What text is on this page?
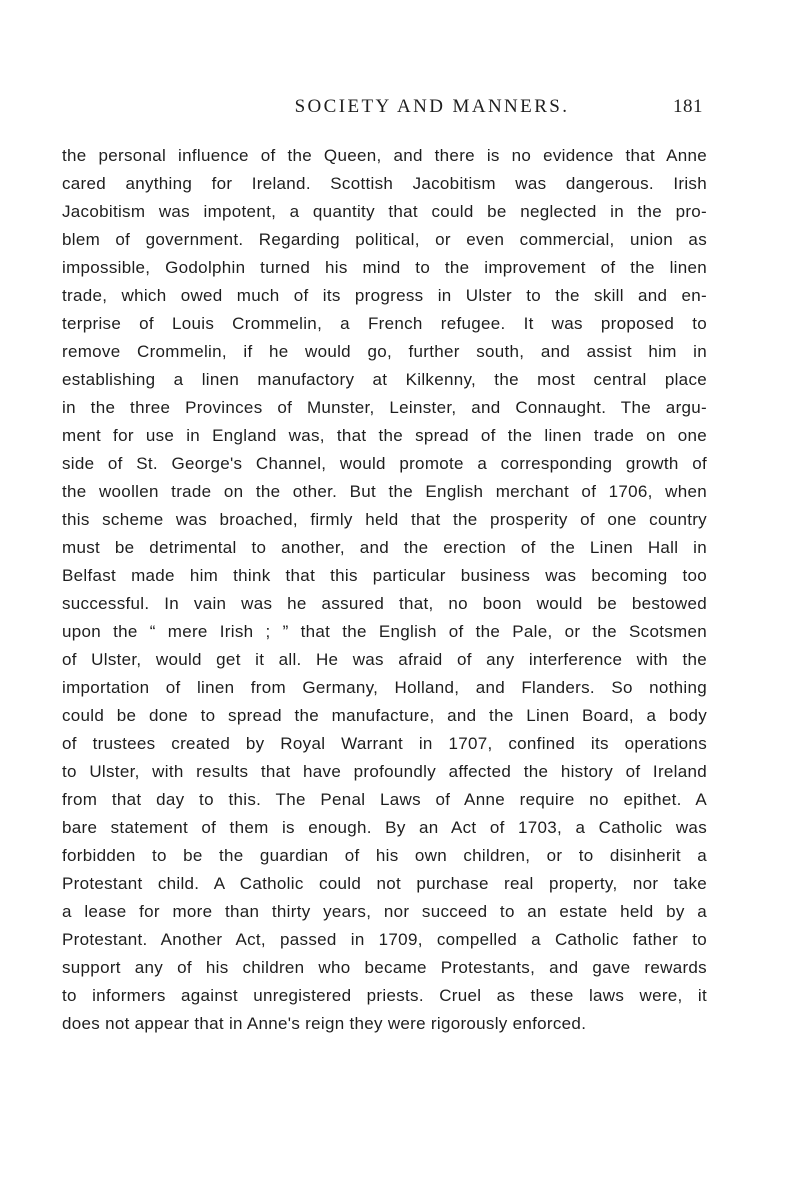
SOCIETY AND MANNERS.	181
the personal influence of the Queen, and there is no evidence that Anne
cared anything for Ireland. Scottish Jacobitism was dangerous. Irish
Jacobitism was impotent, a quantity that could be neglected in the pro-
blem of government. Regarding political, or even commercial, union as
impossible, Godolphin turned his mind to the improvement of the linen
trade, which owed much of its progress in Ulster to the skill and en-
terprise of Louis Crommelin, a French refugee. It was proposed to
remove Crommelin, if he would go, further south, and assist him in
establishing a linen manufactory at Kilkenny, the most central place
in the three Provinces of Munster, Leinster, and Connaught. The argu-
ment for use in England was, that the spread of the linen trade on one
side of St. George's Channel, would promote a corresponding growth of
the woollen trade on the other. But the English merchant of 1706, when
this scheme was broached, firmly held that the prosperity of one country
must be detrimental to another, and the erection of the Linen Hall in
Belfast made him think that this particular business was becoming too
successful. In vain was he assured that, no boon would be bestowed
upon the “ mere Irish ; ” that the English of the Pale, or the Scotsmen
of Ulster, would get it all. He was afraid of any interference with the
importation of linen from Germany, Holland, and Flanders. So nothing
could be done to spread the manufacture, and the Linen Board, a body
of trustees created by Royal Warrant in 1707, confined its operations
to Ulster, with results that have profoundly affected the history of Ireland
from that day to this. The Penal Laws of Anne require no epithet. A
bare statement of them is enough. By an Act of 1703, a Catholic was
forbidden to be the guardian of his own children, or to disinherit a
Protestant child. A Catholic could not purchase real property, nor take
a lease for more than thirty years, nor succeed to an estate held by a
Protestant. Another Act, passed in 1709, compelled a Catholic father to
support any of his children who became Protestants, and gave rewards
to informers against unregistered priests. Cruel as these laws were, it
does not appear that in Anne's reign they were rigorously enforced.
